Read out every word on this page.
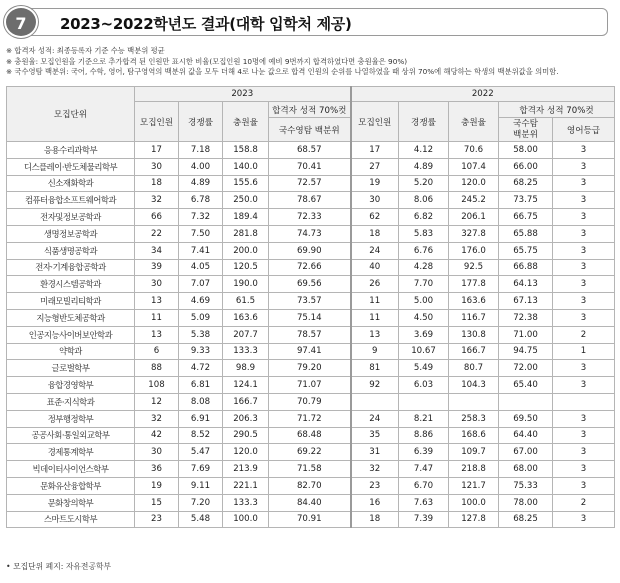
7	2023~2022학년도 결과(대학 입학처 제공)
※ 합격자 성적: 최종등록자 기준 수능 백분위 평균
※ 충원율: 모집인원을 기준으로 추가합격 된 인원만 표시한 비율(모집인원 10명에 예비 9번까지 합격하였다면 충원율은 90%)
※ 국수영탐 백분위: 국어, 수학, 영어, 탐구영역의 백분위 값을 모두 더해 4로 나눈 값으로 합격 인원의 순위를 나열하였을 때 상위 70%에 해당하는 학생의 백분위값을 의미함.
모집단위	2023				2022				
	모집인원	경쟁률	충원율	합격자 성적 70%컷	모집인원	경쟁률	충원율	합격자 성적 70%컷	
				국수영탐 백분위				국수탐
백분위	영어등급
응용수리과학부	17	7.18	158.8	68.57	17	4.12	70.6	58.00	3
디스플레이·반도체물리학부	30	4.00	140.0	70.41	27	4.89	107.4	66.00	3
신소재화학과	18	4.89	155.6	72.57	19	5.20	120.0	68.25	3
컴퓨터융합소프트웨어학과	32	6.78	250.0	78.67	30	8.06	245.2	73.75	3
전자및정보공학과	66	7.32	189.4	72.33	62	6.82	206.1	66.75	3
생명정보공학과	22	7.50	281.8	74.73	18	5.83	327.8	65.88	3
식품생명공학과	34	7.41	200.0	69.90	24	6.76	176.0	65.75	3
전자·기계융합공학과	39	4.05	120.5	72.66	40	4.28	92.5	66.88	3
환경시스템공학과	30	7.07	190.0	69.56	26	7.70	177.8	64.13	3
미래모빌리티학과	13	4.69	61.5	73.57	11	5.00	163.6	67.13	3
지능형반도체공학과	11	5.09	163.6	75.14	11	4.50	116.7	72.38	3
인공지능사이버보안학과	13	5.38	207.7	78.57	13	3.69	130.8	71.00	2
약학과	6	9.33	133.3	97.41	9	10.67	166.7	94.75	1
글로벌학부	88	4.72	98.9	79.20	81	5.49	80.7	72.00	3
융합경영학부	108	6.81	124.1	71.07	92	6.03	104.3	65.40	3
표준·지식학과	12	8.08	166.7	70.79					
정부행정학부	32	6.91	206.3	71.72	24	8.21	258.3	69.50	3
공공사회·통일외교학부	42	8.52	290.5	68.48	35	8.86	168.6	64.40	3
경제통계학부	30	5.47	120.0	69.22	31	6.39	109.7	67.00	3
빅데이터사이언스학부	36	7.69	213.9	71.58	32	7.47	218.8	68.00	3
문화유산융합학부	19	9.11	221.1	82.70	23	6.70	121.7	75.33	3
문화창의학부	15	7.20	133.3	84.40	16	7.63	100.0	78.00	2
스마트도시학부	23	5.48	100.0	70.91	18	7.39	127.8	68.25	3
• 모집단위 폐지: 자유전공학부
